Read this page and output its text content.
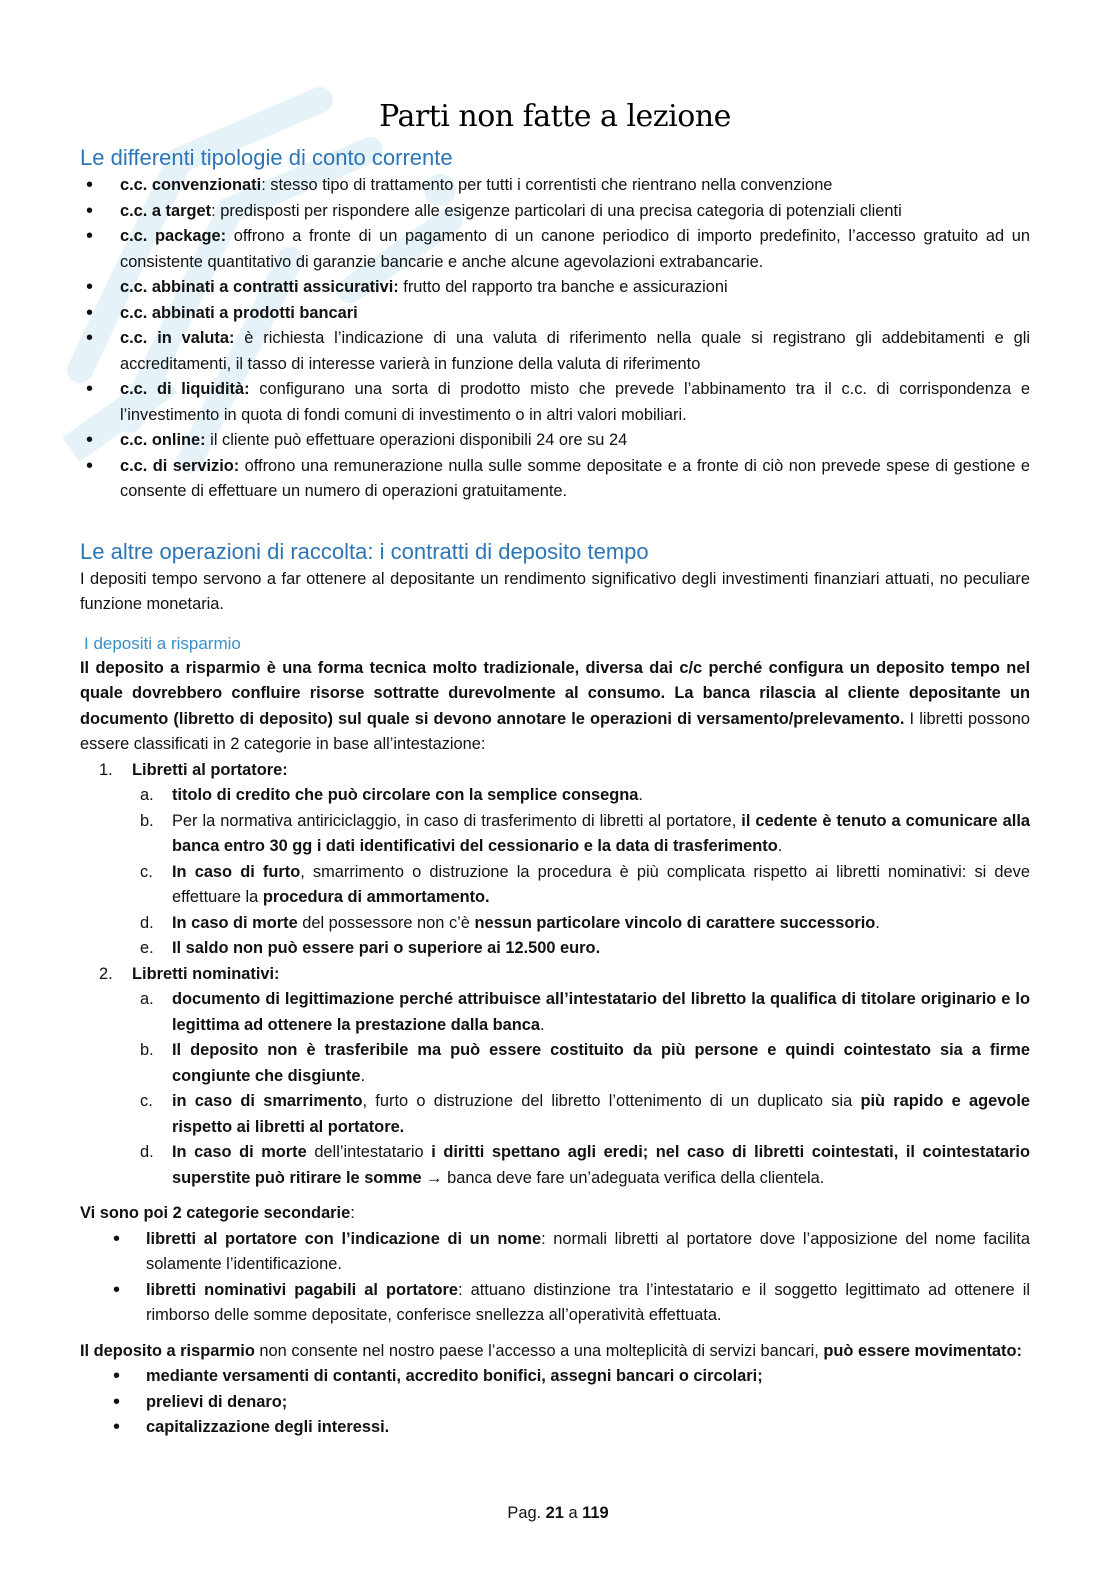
Parti non fatte a lezione
Le differenti tipologie di conto corrente
• c.c. convenzionati: stesso tipo di trattamento per tutti i correntisti che rientrano nella convenzione
• c.c. a target: predisposti per rispondere alle esigenze particolari di una precisa categoria di potenziali clienti
• c.c. package: offrono a fronte di un pagamento di un canone periodico di importo predefinito, l’accesso gratuito ad un consistente quantitativo di garanzie bancarie e anche alcune agevolazioni extrabancarie.
• c.c. abbinati a contratti assicurativi: frutto del rapporto tra banche e assicurazioni
• c.c. abbinati a prodotti bancari
• c.c. in valuta: è richiesta l’indicazione di una valuta di riferimento nella quale si registrano gli addebitamenti e gli accreditamenti, il tasso di interesse varierà in funzione della valuta di riferimento
• c.c. di liquidità: configurano una sorta di prodotto misto che prevede l’abbinamento tra il c.c. di corrispondenza e l’investimento in quota di fondi comuni di investimento o in altri valori mobiliari.
• c.c. online: il cliente può effettuare operazioni disponibili 24 ore su 24
• c.c. di servizio: offrono una remunerazione nulla sulle somme depositate e a fronte di ciò non prevede spese di gestione e consente di effettuare un numero di operazioni gratuitamente.
Le altre operazioni di raccolta: i contratti di deposito tempo

I depositi tempo servono a far ottenere al depositante un rendimento significativo degli investimenti finanziari attuati, no peculiare funzione monetaria.

I depositi a risparmio

Il deposito a risparmio è una forma tecnica molto tradizionale, diversa dai c/c perché configura un deposito tempo nel quale dovrebbero confluire risorse sottratte durevolmente al consumo. La banca rilascia al cliente depositante un documento (libretto di deposito) sul quale si devono annotare le operazioni di versamento/prelevamento. I libretti possono essere classificati in 2 categorie in base all’intestazione:

1. Libretti al portatore:
a. titolo di credito che può circolare con la semplice consegna.
b. Per la normativa antiriciclaggio, in caso di trasferimento di libretti al portatore, il cedente è tenuto a comunicare alla banca entro 30 gg i dati identificativi del cessionario e la data di trasferimento.
c. In caso di furto, smarrimento o distruzione la procedura è più complicata rispetto ai libretti nominativi: si deve effettuare la procedura di ammortamento.
d. In caso di morte del possessore non c’è nessun particolare vincolo di carattere successorio.
e. Il saldo non può essere pari o superiore ai 12.500 euro.
2. Libretti nominativi:
a. documento di legittimazione perché attribuisce all’intestatario del libretto la qualifica di titolare originario e lo legittima ad ottenere la prestazione dalla banca.
b. Il deposito non è trasferibile ma può essere costituito da più persone e quindi cointestato sia a firme congiunte che disgiunte.
c. in caso di smarrimento, furto o distruzione del libretto l’ottenimento di un duplicato sia più rapido e agevole rispetto ai libretti al portatore.
d. In caso di morte dell’intestatario i diritti spettano agli eredi; nel caso di libretti cointestati, il cointestatario superstite può ritirare le somme → banca deve fare un’adeguata verifica della clientela.

Vi sono poi 2 categorie secondarie:

• libretti al portatore con l’indicazione di un nome: normali libretti al portatore dove l’apposizione del nome facilita solamente l’identificazione.
• libretti nominativi pagabili al portatore: attuano distinzione tra l’intestatario e il soggetto legittimato ad ottenere il rimborso delle somme depositate, conferisce snellezza all’operatività effettuata.

Il deposito a risparmio non consente nel nostro paese l’accesso a una molteplicità di servizi bancari, può essere movimentato:

• mediante versamenti di contanti, accredito bonifici, assegni bancari o circolari;
• prelievi di denaro;
• capitalizzazione degli interessi.
Pag. 21 a 119
